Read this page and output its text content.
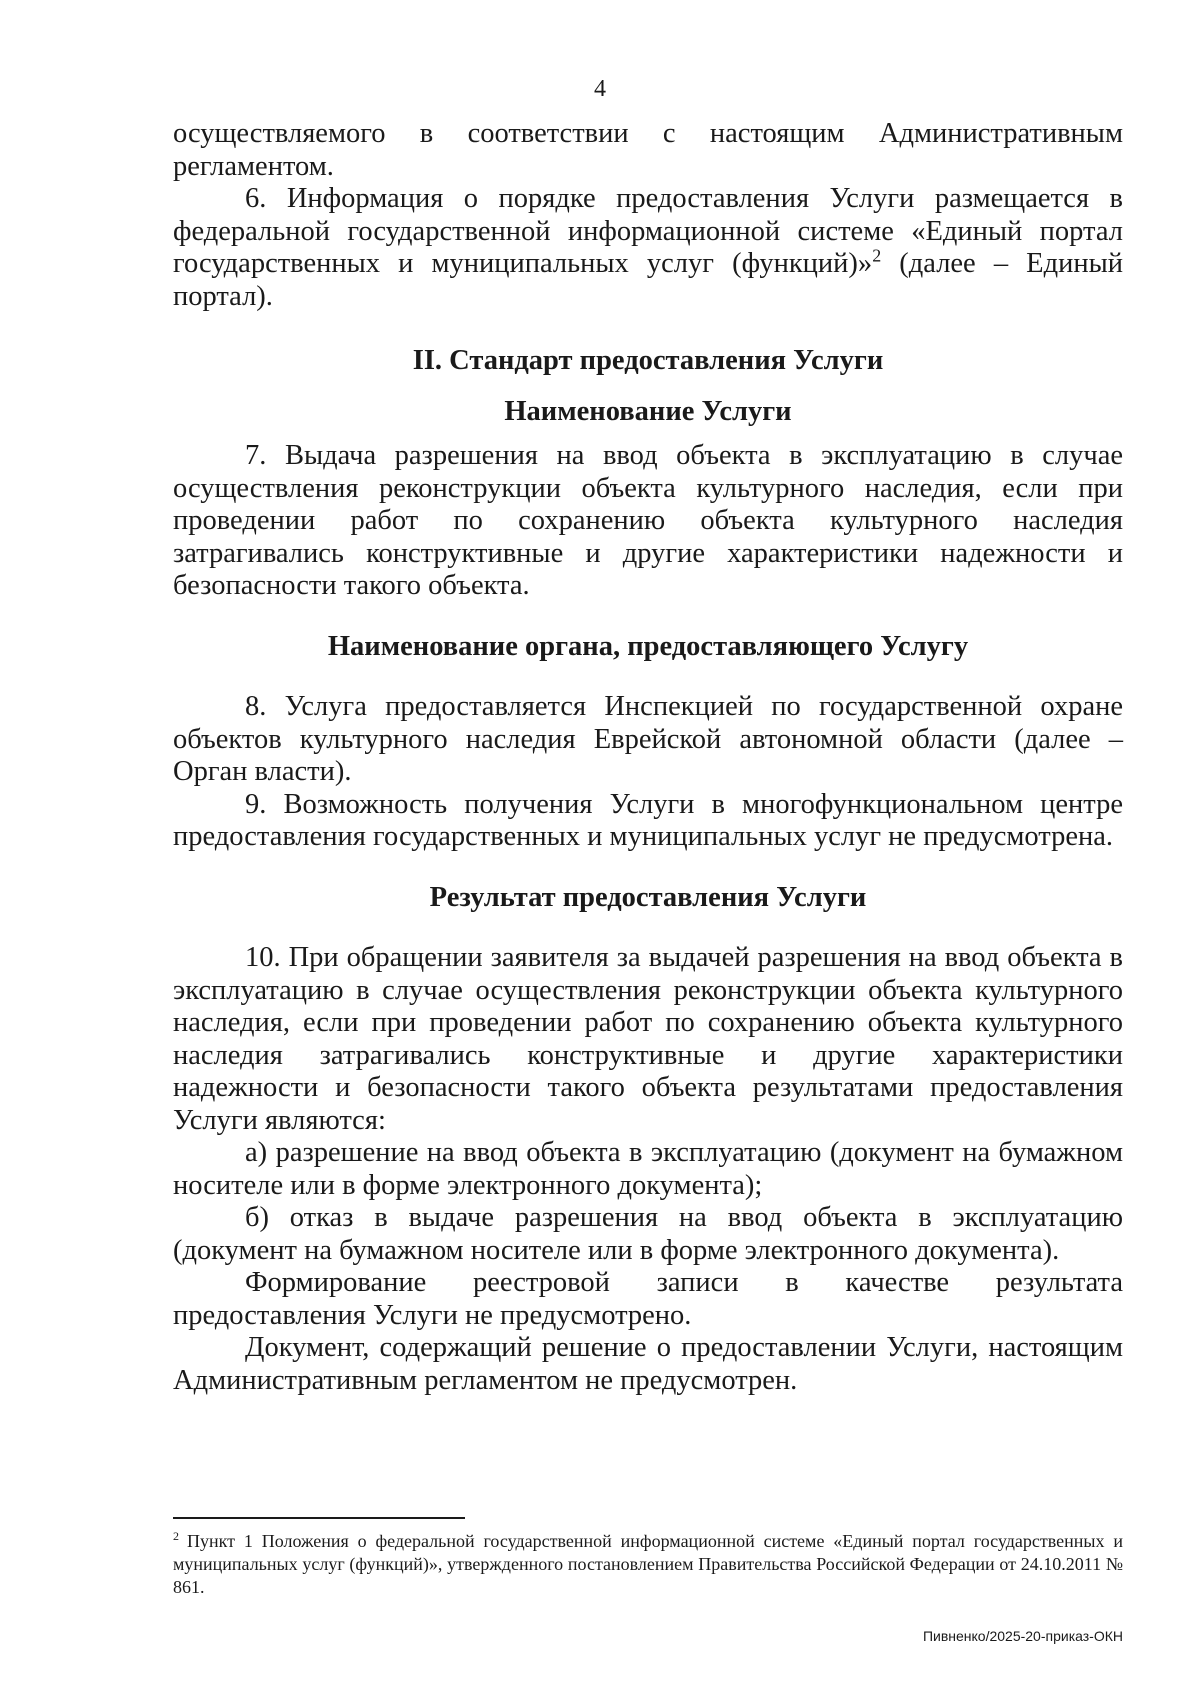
4

осуществляемого в соответствии с настоящим Административным регламентом.

6. Информация о порядке предоставления Услуги размещается в федеральной государственной информационной системе «Единый портал государственных и муниципальных услуг (функций)»$^2$ (далее – Единый портал).

II. Стандарт предоставления Услуги
Наименование Услуги

7. Выдача разрешения на ввод объекта в эксплуатацию в случае осуществления реконструкции объекта культурного наследия, если при проведении работ по сохранению объекта культурного наследия затрагивались конструктивные и другие характеристики надежности и безопасности такого объекта.

Наименование органа, предоставляющего Услугу

8. Услуга предоставляется Инспекцией по государственной охране объектов культурного наследия Еврейской автономной области (далее – Орган власти).

9. Возможность получения Услуги в многофункциональном центре предоставления государственных и муниципальных услуг не предусмотрена.

Результат предоставления Услуги

10. При обращении заявителя за выдачей разрешения на ввод объекта в эксплуатацию в случае осуществления реконструкции объекта культурного наследия, если при проведении работ по сохранению объекта культурного наследия затрагивались конструктивные и другие характеристики надежности и безопасности такого объекта результатами предоставления Услуги являются:

а) разрешение на ввод объекта в эксплуатацию (документ на бумажном носителе или в форме электронного документа);

б) отказ в выдаче разрешения на ввод объекта в эксплуатацию (документ на бумажном носителе или в форме электронного документа).

Формирование реестровой записи в качестве результата предоставления Услуги не предусмотрено.

Документ, содержащий решение о предоставлении Услуги, настоящим Административным регламентом не предусмотрен.

$^2$ Пункт 1 Положения о федеральной государственной информационной системе «Единый портал государственных и муниципальных услуг (функций)», утвержденного постановлением Правительства Российской Федерации от 24.10.2011 № 861.
Пивненко/2025-20-приказ-ОКН
